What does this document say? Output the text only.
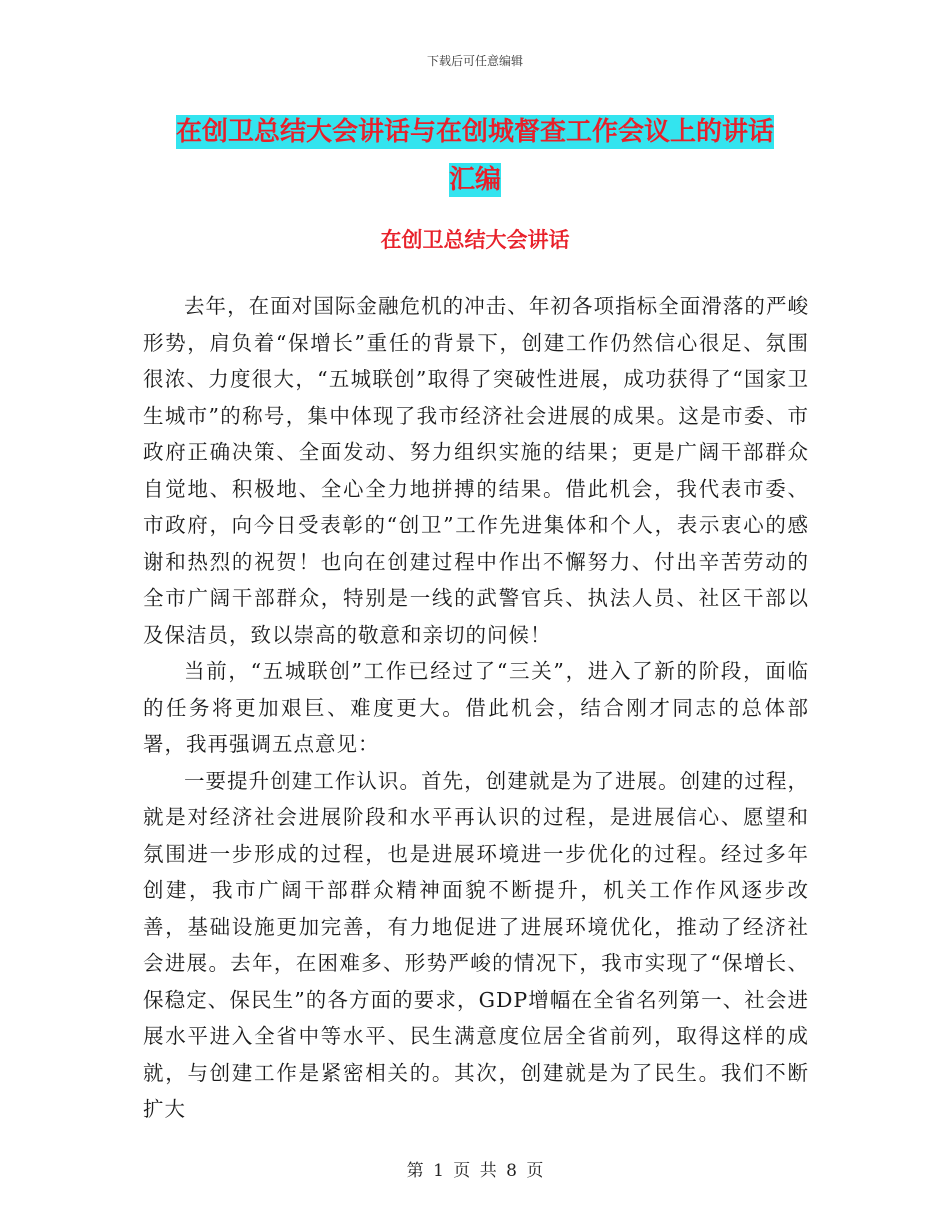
下载后可任意编辑
在创卫总结大会讲话与在创城督查工作会议上的讲话
汇编
在创卫总结大会讲话

去年，在面对国际金融危机的冲击、年初各项指标全面滑落的严峻形势，肩负着“保增长”重任的背景下，创建工作仍然信心很足、氛围很浓、力度很大，“五城联创”取得了突破性进展，成功获得了“国家卫生城市”的称号，集中体现了我市经济社会进展的成果。这是市委、市政府正确决策、全面发动、努力组织实施的结果；更是广阔干部群众自觉地、积极地、全心全力地拼搏的结果。借此机会，我代表市委、市政府，向今日受表彰的“创卫”工作先进集体和个人，表示衷心的感谢和热烈的祝贺！也向在创建过程中作出不懈努力、付出辛苦劳动的全市广阔干部群众，特别是一线的武警官兵、执法人员、社区干部以及保洁员，致以崇高的敬意和亲切的问候！

当前，“五城联创”工作已经过了“三关”，进入了新的阶段，面临的任务将更加艰巨、难度更大。借此机会，结合刚才同志的总体部署，我再强调五点意见：

一要提升创建工作认识。首先，创建就是为了进展。创建的过程，就是对经济社会进展阶段和水平再认识的过程，是进展信心、愿望和氛围进一步形成的过程，也是进展环境进一步优化的过程。经过多年创建，我市广阔干部群众精神面貌不断提升，机关工作作风逐步改善，基础设施更加完善，有力地促进了进展环境优化，推动了经济社会进展。去年，在困难多、形势严峻的情况下，我市实现了“保增长、保稳定、保民生”的各方面的要求，GDP增幅在全省名列第一、社会进展水平进入全省中等水平、民生满意度位居全省前列，取得这样的成就，与创建工作是紧密相关的。其次，创建就是为了民生。我们不断扩大

第 1 页 共 8 页
